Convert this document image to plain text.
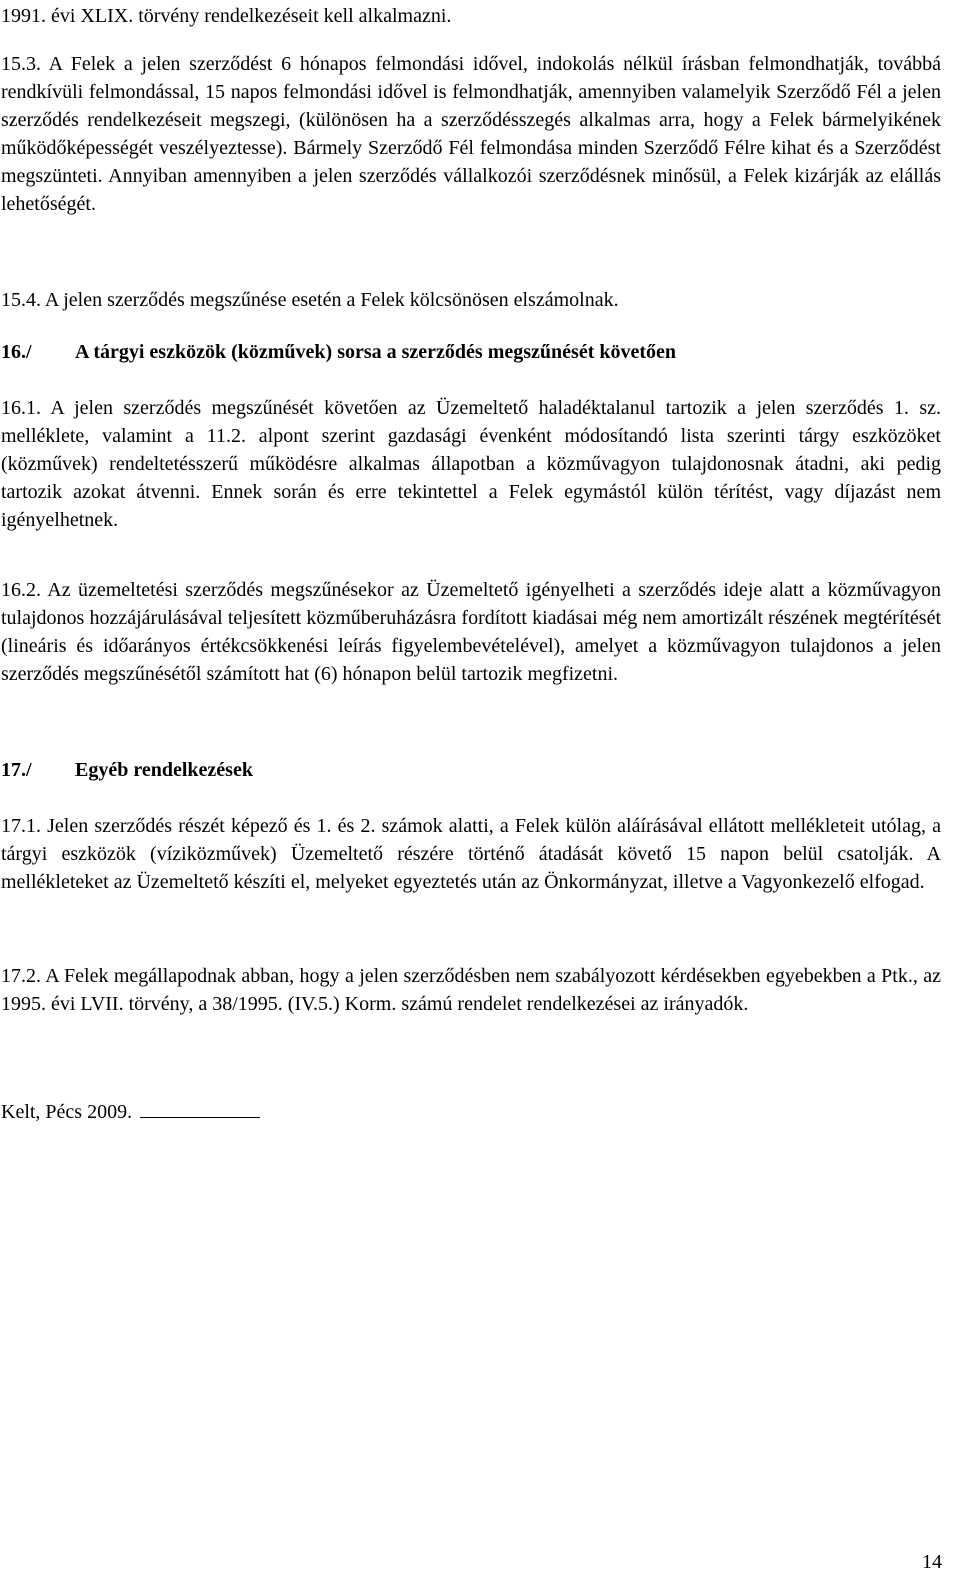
1991. évi XLIX. törvény rendelkezéseit kell alkalmazni.
15.3. A Felek a jelen szerződést 6 hónapos felmondási idővel, indokolás nélkül írásban felmondhatják, továbbá rendkívüli felmondással, 15 napos felmondási idővel is felmondhatják, amennyiben valamelyik Szerződő Fél a jelen szerződés rendelkezéseit megszegi, (különösen ha a szerződésszegés alkalmas arra, hogy a Felek bármelyikének működőképességét veszélyeztesse). Bármely Szerződő Fél felmondása minden Szerződő Félre kihat és a Szerződést megszünteti. Annyiban amennyiben a jelen szerződés vállalkozói szerződésnek minősül, a Felek kizárják az elállás lehetőségét.
15.4. A jelen szerződés megszűnése esetén a Felek kölcsönösen elszámolnak.
16./ A tárgyi eszközök (közművek) sorsa a szerződés megszűnését követően
16.1. A jelen szerződés megszűnését követően az Üzemeltető haladéktalanul tartozik a jelen szerződés 1. sz. melléklete, valamint a 11.2. alpont szerint gazdasági évenként módosítandó lista szerinti tárgy eszközöket (közművek) rendeltetésszerű működésre alkalmas állapotban a közművagyon tulajdonosnak átadni, aki pedig tartozik azokat átvenni. Ennek során és erre tekintettel a Felek egymástól külön térítést, vagy díjazást nem igényelhetnek.
16.2. Az üzemeltetési szerződés megszűnésekor az Üzemeltető igényelheti a szerződés ideje alatt a közművagyon tulajdonos hozzájárulásával teljesített közműberuházásra fordított kiadásai még nem amortizált részének megtérítését (lineáris és időarányos értékcsökkenési leírás figyelembevételével), amelyet a közművagyon tulajdonos a jelen szerződés megszűnésétől számított hat (6) hónapon belül tartozik megfizetni.
17./ Egyéb rendelkezések
17.1. Jelen szerződés részét képező és 1. és 2. számok alatti, a Felek külön aláírásával ellátott mellékleteit utólag, a tárgyi eszközök (víziközművek) Üzemeltető részére történő átadását követő 15 napon belül csatolják. A mellékleteket az Üzemeltető készíti el, melyeket egyeztetés után az Önkormányzat, illetve a Vagyonkezelő elfogad.
17.2. A Felek megállapodnak abban, hogy a jelen szerződésben nem szabályozott kérdésekben egyebekben a Ptk., az 1995. évi LVII. törvény, a 38/1995. (IV.5.) Korm. számú rendelet rendelkezései az irányadók.
Kelt, Pécs 2009.
14
